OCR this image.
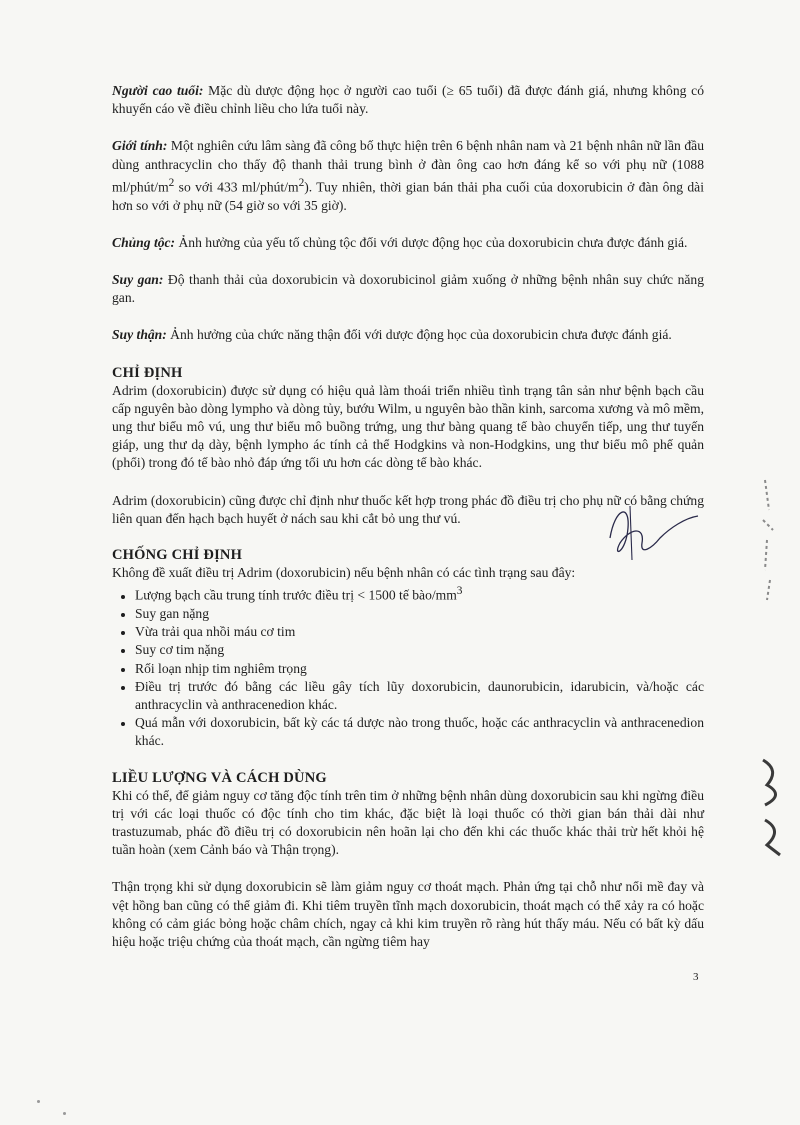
Người cao tuổi: Mặc dù dược động học ở người cao tuổi (≥ 65 tuổi) đã được đánh giá, nhưng không có khuyến cáo về điều chỉnh liều cho lứa tuổi này.

Giới tính: Một nghiên cứu lâm sàng đã công bố thực hiện trên 6 bệnh nhân nam và 21 bệnh nhân nữ lần đầu dùng anthracyclin cho thấy độ thanh thải trung bình ở đàn ông cao hơn đáng kể so với phụ nữ (1088 $ml/phút/m^2$ so với 433 $ml/phút/m^2$). Tuy nhiên, thời gian bán thải pha cuối của doxorubicin ở đàn ông dài hơn so với ở phụ nữ (54 giờ so với 35 giờ).

Chủng tộc: Ảnh hưởng của yếu tố chủng tộc đối với dược động học của doxorubicin chưa được đánh giá.

Suy gan: Độ thanh thải của doxorubicin và doxorubicinol giảm xuống ở những bệnh nhân suy chức năng gan.

Suy thận: Ảnh hưởng của chức năng thận đối với dược động học của doxorubicin chưa được đánh giá.

CHỈ ĐỊNH

Adrim (doxorubicin) được sử dụng có hiệu quả làm thoái triển nhiều tình trạng tân sản như bệnh bạch cầu cấp nguyên bào dòng lympho và dòng tủy, bướu Wilm, u nguyên bào thần kinh, sarcoma xương và mô mềm, ung thư biểu mô vú, ung thư biểu mô buồng trứng, ung thư bàng quang tế bào chuyển tiếp, ung thư tuyến giáp, ung thư dạ dày, bệnh lympho ác tính cả thể Hodgkins và non-Hodgkins, ung thư biểu mô phế quản (phổi) trong đó tế bào nhỏ đáp ứng tối ưu hơn các dòng tế bào khác.

Adrim (doxorubicin) cũng được chỉ định như thuốc kết hợp trong phác đồ điều trị cho phụ nữ có bằng chứng liên quan đến hạch bạch huyết ở nách sau khi cắt bỏ ung thư vú.

CHỐNG CHỈ ĐỊNH

Không đề xuất điều trị Adrim (doxorubicin) nếu bệnh nhân có các tình trạng sau đây:

• Lượng bạch cầu trung tính trước điều trị < 1500 tế bào/$mm^3$
• Suy gan nặng
• Vừa trải qua nhồi máu cơ tim
• Suy cơ tim nặng
• Rối loạn nhịp tim nghiêm trọng
• Điều trị trước đó bằng các liều gây tích lũy doxorubicin, daunorubicin, idarubicin, và/hoặc các anthracyclin và anthracenedion khác.
• Quá mẫn với doxorubicin, bất kỳ các tá dược nào trong thuốc, hoặc các anthracyclin và anthracenedion khác.
LIỀU LƯỢNG VÀ CÁCH DÙNG

Khi có thể, để giảm nguy cơ tăng độc tính trên tim ở những bệnh nhân dùng doxorubicin sau khi ngừng điều trị với các loại thuốc có độc tính cho tim khác, đặc biệt là loại thuốc có thời gian bán thải dài như trastuzumab, phác đồ điều trị có doxorubicin nên hoãn lại cho đến khi các thuốc khác thải trừ hết khỏi hệ tuần hoàn (xem Cảnh báo và Thận trọng).

Thận trọng khi sử dụng doxorubicin sẽ làm giảm nguy cơ thoát mạch. Phản ứng tại chỗ như nổi mề đay và vệt hồng ban cũng có thể giảm đi. Khi tiêm truyền tĩnh mạch doxorubicin, thoát mạch có thể xảy ra có hoặc không có cảm giác bỏng hoặc châm chích, ngay cả khi kim truyền rõ ràng hút thấy máu. Nếu có bất kỳ dấu hiệu hoặc triệu chứng của thoát mạch, cần ngừng tiêm hay

3
